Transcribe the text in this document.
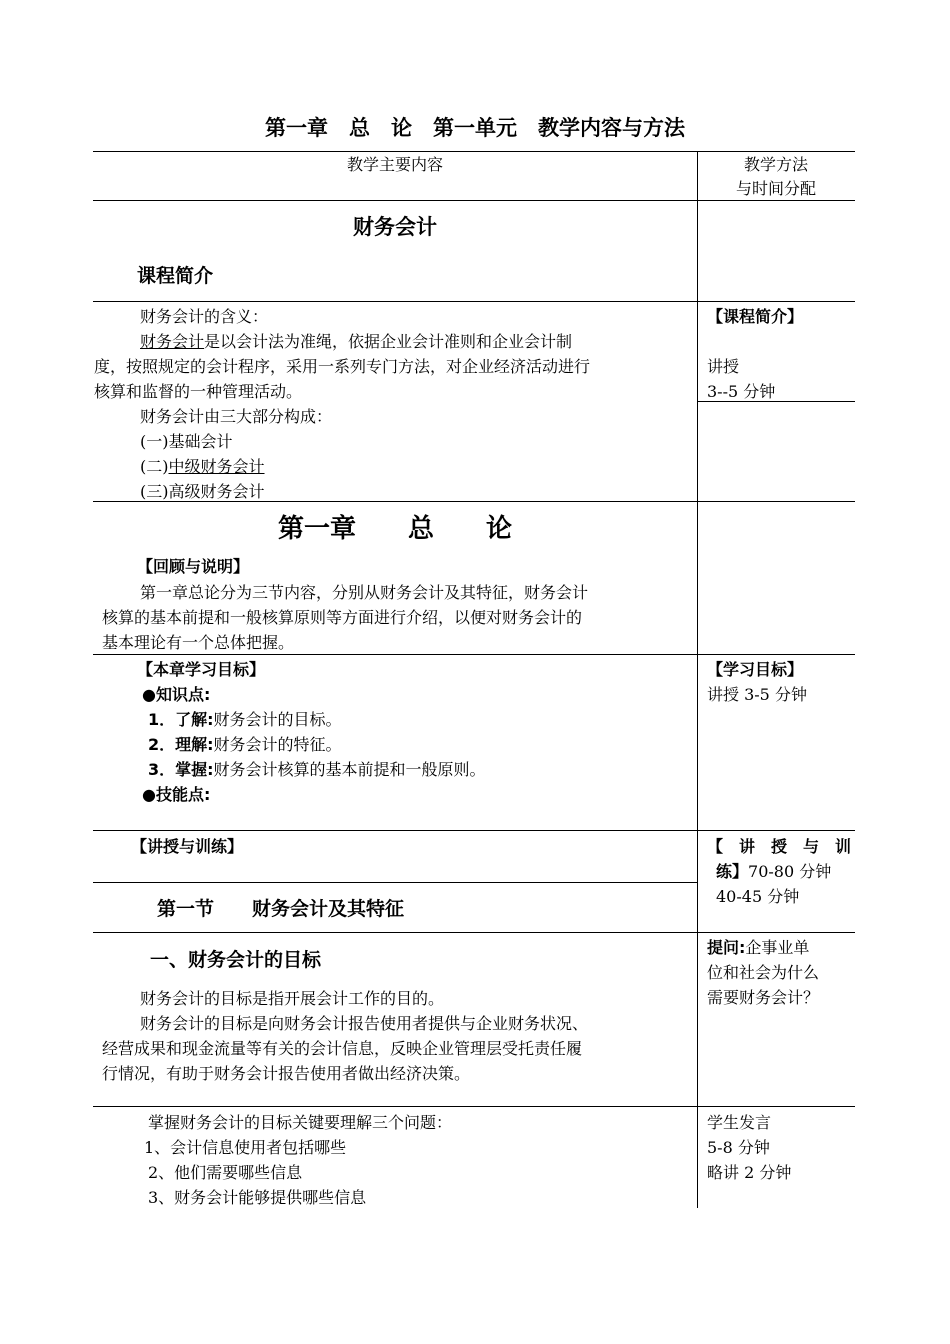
第一章　总　论　第一单元　教学内容与方法
教学主要内容	教学方法
与时间分配
财务会计
课程简介
财务会计的含义：
财务会计是以会计法为准绳，依据企业会计准则和企业会计制
度，按照规定的会计程序，采用一系列专门方法，对企业经济活动进行
核算和监督的一种管理活动。
【课程简介】
讲授
3--5 分钟
财务会计由三大部分构成：
(一)基础会计
(二)中级财务会计
(三)高级财务会计
第一章　　总　　论
【回顾与说明】
第一章总论分为三节内容，分别从财务会计及其特征，财务会计
核算的基本前提和一般核算原则等方面进行介绍，以便对财务会计的
基本理论有一个总体把握。
【本章学习目标】
●知识点:
1．了解:财务会计的目标。
2．理解:财务会计的特征。
3．掌握:财务会计核算的基本前提和一般原则。
●技能点:
【学习目标】
讲授 3-5 分钟
【讲授与训练】	【　讲　授　与　训
练】70-80 分钟
第一节　　财务会计及其特征
40-45 分钟
一、财务会计的目标
财务会计的目标是指开展会计工作的目的。
财务会计的目标是向财务会计报告使用者提供与企业财务状况、
经营成果和现金流量等有关的会计信息，反映企业管理层受托责任履
行情况，有助于财务会计报告使用者做出经济决策。
提问:企事业单
位和社会为什么
需要财务会计？
掌握财务会计的目标关键要理解三个问题：
1、会计信息使用者包括哪些
2、他们需要哪些信息
3、财务会计能够提供哪些信息
学生发言
5-8 分钟
略讲 2 分钟
